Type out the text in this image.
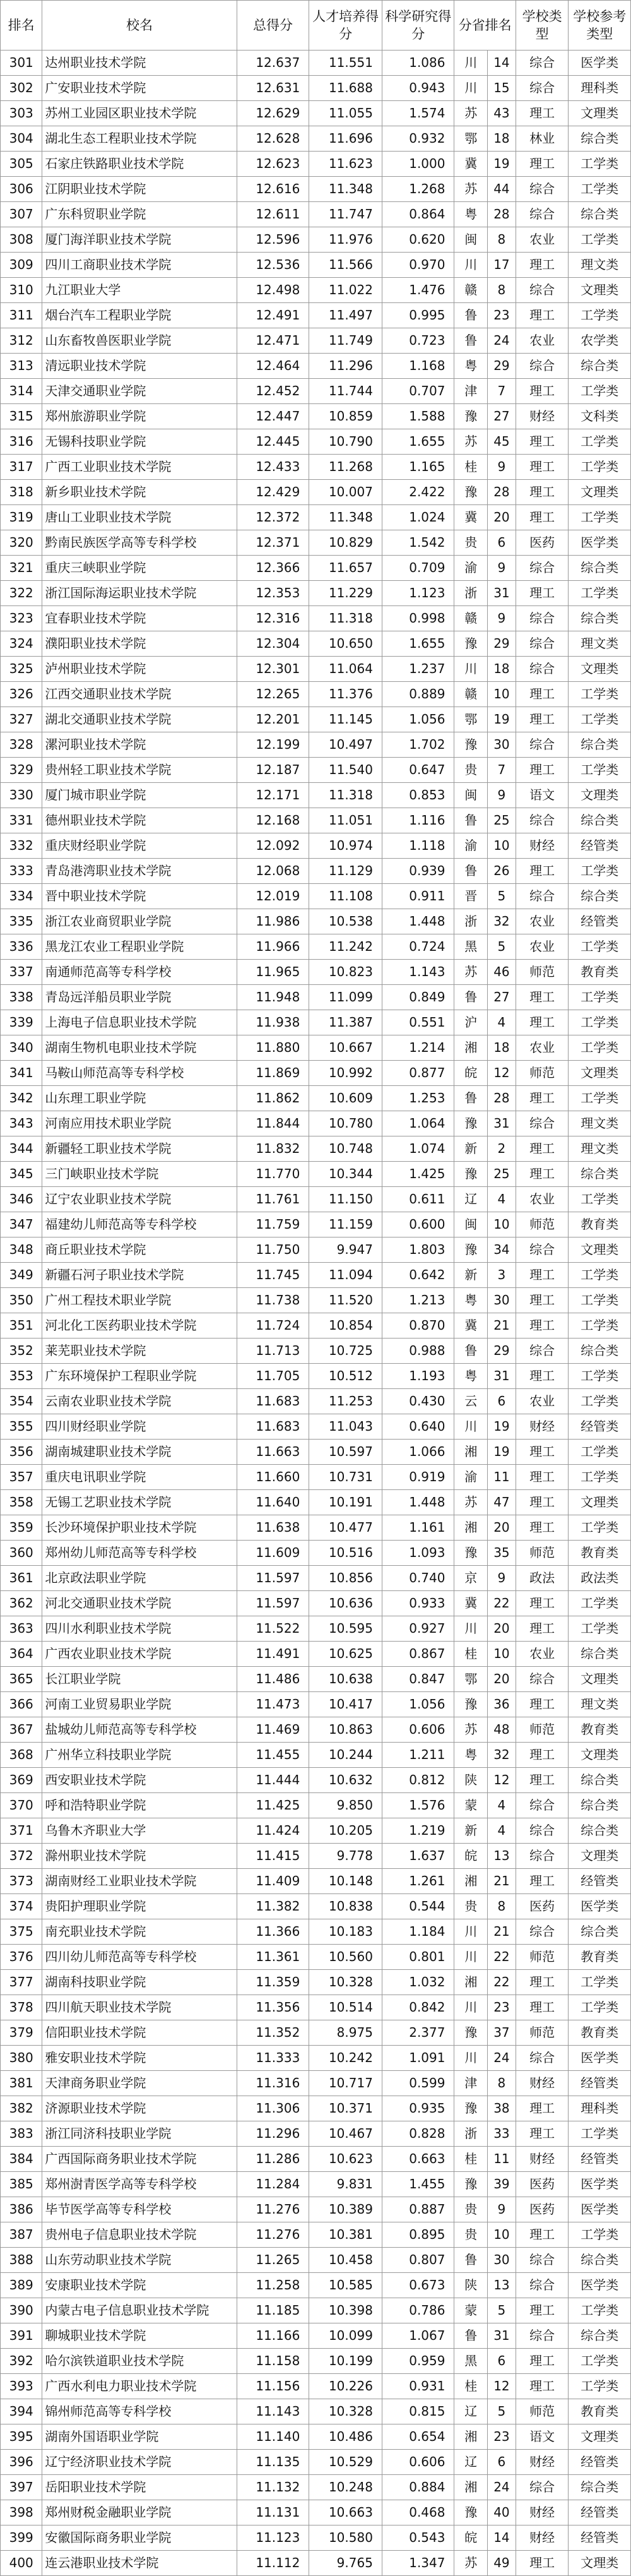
排名	校名	总得分	人才培养得分	科学研究得分	分省排名		学校类型	学校参考类型
301	达州职业技术学院	12.637	11.551	1.086	川	14	综合	医学类
302	广安职业技术学院	12.631	11.688	0.943	川	15	综合	理科类
303	苏州工业园区职业技术学院	12.629	11.055	1.574	苏	43	理工	文理类
304	湖北生态工程职业技术学院	12.628	11.696	0.932	鄂	18	林业	综合类
305	石家庄铁路职业技术学院	12.623	11.623	1.000	冀	19	理工	工学类
306	江阴职业技术学院	12.616	11.348	1.268	苏	44	综合	工学类
307	广东科贸职业学院	12.611	11.747	0.864	粤	28	综合	综合类
308	厦门海洋职业技术学院	12.596	11.976	0.620	闽	8	农业	工学类
309	四川工商职业技术学院	12.536	11.566	0.970	川	17	理工	理文类
310	九江职业大学	12.498	11.022	1.476	赣	8	综合	文理类
311	烟台汽车工程职业学院	12.491	11.497	0.995	鲁	23	理工	工学类
312	山东畜牧兽医职业学院	12.471	11.749	0.723	鲁	24	农业	农学类
313	清远职业技术学院	12.464	11.296	1.168	粤	29	综合	综合类
314	天津交通职业学院	12.452	11.744	0.707	津	7	理工	工学类
315	郑州旅游职业学院	12.447	10.859	1.588	豫	27	财经	文科类
316	无锡科技职业学院	12.445	10.790	1.655	苏	45	理工	工学类
317	广西工业职业技术学院	12.433	11.268	1.165	桂	9	理工	工学类
318	新乡职业技术学院	12.429	10.007	2.422	豫	28	理工	文理类
319	唐山工业职业技术学院	12.372	11.348	1.024	冀	20	理工	工学类
320	黔南民族医学高等专科学校	12.371	10.829	1.542	贵	6	医药	医学类
321	重庆三峡职业学院	12.366	11.657	0.709	渝	9	综合	综合类
322	浙江国际海运职业技术学院	12.353	11.229	1.123	浙	31	理工	工学类
323	宜春职业技术学院	12.316	11.318	0.998	赣	9	综合	综合类
324	濮阳职业技术学院	12.304	10.650	1.655	豫	29	综合	理文类
325	泸州职业技术学院	12.301	11.064	1.237	川	18	综合	文理类
326	江西交通职业技术学院	12.265	11.376	0.889	赣	10	理工	工学类
327	湖北交通职业技术学院	12.201	11.145	1.056	鄂	19	理工	工学类
328	漯河职业技术学院	12.199	10.497	1.702	豫	30	综合	综合类
329	贵州轻工职业技术学院	12.187	11.540	0.647	贵	7	理工	工学类
330	厦门城市职业学院	12.171	11.318	0.853	闽	9	语文	文理类
331	德州职业技术学院	12.168	11.051	1.116	鲁	25	综合	综合类
332	重庆财经职业学院	12.092	10.974	1.118	渝	10	财经	经管类
333	青岛港湾职业技术学院	12.068	11.129	0.939	鲁	26	理工	工学类
334	晋中职业技术学院	12.019	11.108	0.911	晋	5	综合	综合类
335	浙江农业商贸职业学院	11.986	10.538	1.448	浙	32	农业	经管类
336	黑龙江农业工程职业学院	11.966	11.242	0.724	黑	5	农业	工学类
337	南通师范高等专科学校	11.965	10.823	1.143	苏	46	师范	教育类
338	青岛远洋船员职业学院	11.948	11.099	0.849	鲁	27	理工	工学类
339	上海电子信息职业技术学院	11.938	11.387	0.551	沪	4	理工	工学类
340	湖南生物机电职业技术学院	11.880	10.667	1.214	湘	18	农业	工学类
341	马鞍山师范高等专科学校	11.869	10.992	0.877	皖	12	师范	文理类
342	山东理工职业学院	11.862	10.609	1.253	鲁	28	理工	工学类
343	河南应用技术职业学院	11.844	10.780	1.064	豫	31	综合	理文类
344	新疆轻工职业技术学院	11.832	10.748	1.074	新	2	理工	理文类
345	三门峡职业技术学院	11.770	10.344	1.425	豫	25	理工	综合类
346	辽宁农业职业技术学院	11.761	11.150	0.611	辽	4	农业	工学类
347	福建幼儿师范高等专科学校	11.759	11.159	0.600	闽	10	师范	教育类
348	商丘职业技术学院	11.750	9.947	1.803	豫	34	综合	文理类
349	新疆石河子职业技术学院	11.745	11.094	0.642	新	3	理工	工学类
350	广州工程技术职业学院	11.738	11.520	1.213	粤	30	理工	工学类
351	河北化工医药职业技术学院	11.724	10.854	0.870	冀	21	理工	工学类
352	莱芜职业技术学院	11.713	10.725	0.988	鲁	29	综合	综合类
353	广东环境保护工程职业学院	11.705	10.512	1.193	粤	31	理工	工学类
354	云南农业职业技术学院	11.683	11.253	0.430	云	6	农业	工学类
355	四川财经职业学院	11.683	11.043	0.640	川	19	财经	经管类
356	湖南城建职业技术学院	11.663	10.597	1.066	湘	19	理工	工学类
357	重庆电讯职业学院	11.660	10.731	0.919	渝	11	理工	工学类
358	无锡工艺职业技术学院	11.640	10.191	1.448	苏	47	理工	文理类
359	长沙环境保护职业技术学院	11.638	10.477	1.161	湘	20	理工	工学类
360	郑州幼儿师范高等专科学校	11.609	10.516	1.093	豫	35	师范	教育类
361	北京政法职业学院	11.597	10.856	0.740	京	9	政法	政法类
362	河北交通职业技术学院	11.597	10.636	0.933	冀	22	理工	工学类
363	四川水利职业技术学院	11.522	10.595	0.927	川	20	理工	工学类
364	广西农业职业技术学院	11.491	10.625	0.867	桂	10	农业	综合类
365	长江职业学院	11.486	10.638	0.847	鄂	20	综合	文理类
366	河南工业贸易职业学院	11.473	10.417	1.056	豫	36	理工	理文类
367	盐城幼儿师范高等专科学校	11.469	10.863	0.606	苏	48	师范	教育类
368	广州华立科技职业学院	11.455	10.244	1.211	粤	32	理工	文理类
369	西安职业技术学院	11.444	10.632	0.812	陕	12	理工	综合类
370	呼和浩特职业学院	11.425	9.850	1.576	蒙	4	综合	综合类
371	乌鲁木齐职业大学	11.424	10.205	1.219	新	4	综合	综合类
372	滁州职业技术学院	11.415	9.778	1.637	皖	13	综合	文理类
373	湖南财经工业职业技术学院	11.409	10.148	1.261	湘	21	理工	经管类
374	贵阳护理职业学院	11.382	10.838	0.544	贵	8	医药	医学类
375	南充职业技术学院	11.366	10.183	1.184	川	21	综合	综合类
376	四川幼儿师范高等专科学校	11.361	10.560	0.801	川	22	师范	教育类
377	湖南科技职业学院	11.359	10.328	1.032	湘	22	理工	工学类
378	四川航天职业技术学院	11.356	10.514	0.842	川	23	理工	工学类
379	信阳职业技术学院	11.352	8.975	2.377	豫	37	师范	教育类
380	雅安职业技术学院	11.333	10.242	1.091	川	24	综合	医学类
381	天津商务职业学院	11.316	10.717	0.599	津	8	财经	经管类
382	济源职业技术学院	11.306	10.371	0.935	豫	38	理工	理科类
383	浙江同济科技职业学院	11.296	10.467	0.828	浙	33	理工	工学类
384	广西国际商务职业技术学院	11.286	10.623	0.663	桂	11	财经	经管类
385	郑州澍青医学高等专科学校	11.284	9.831	1.455	豫	39	医药	医学类
386	毕节医学高等专科学校	11.276	10.389	0.887	贵	9	医药	医学类
387	贵州电子信息职业技术学院	11.276	10.381	0.895	贵	10	理工	工学类
388	山东劳动职业技术学院	11.265	10.458	0.807	鲁	30	综合	综合类
389	安康职业技术学院	11.258	10.585	0.673	陕	13	综合	医学类
390	内蒙古电子信息职业技术学院	11.185	10.398	0.786	蒙	5	理工	工学类
391	聊城职业技术学院	11.166	10.099	1.067	鲁	31	综合	综合类
392	哈尔滨铁道职业技术学院	11.158	10.199	0.959	黑	6	理工	工学类
393	广西水利电力职业技术学院	11.156	10.226	0.931	桂	12	理工	工学类
394	锦州师范高等专科学校	11.143	10.328	0.815	辽	5	师范	教育类
395	湖南外国语职业学院	11.140	10.486	0.654	湘	23	语文	文理类
396	辽宁经济职业技术学院	11.135	10.529	0.606	辽	6	财经	经管类
397	岳阳职业技术学院	11.132	10.248	0.884	湘	24	综合	综合类
398	郑州财税金融职业学院	11.131	10.663	0.468	豫	40	财经	经管类
399	安徽国际商务职业学院	11.123	10.580	0.543	皖	14	财经	经管类
400	连云港职业技术学院	11.112	9.765	1.347	苏	49	理工	文理类
